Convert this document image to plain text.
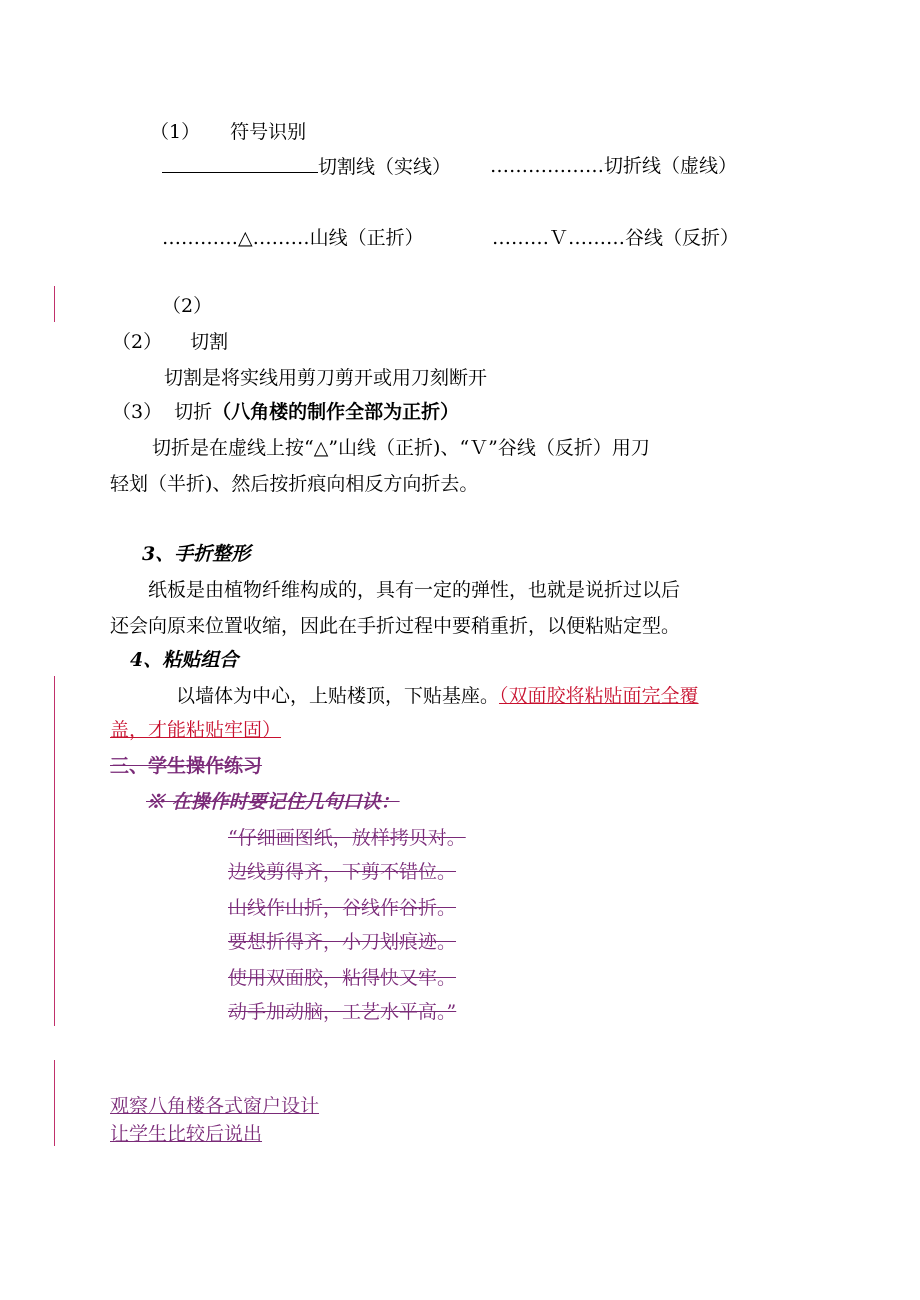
（1） 符号识别
切割线（实线） ………………切折线（虚线）
…………△………山线（正折）	………Ｖ………谷线（反折）
（2）
（2） 切割
切割是将实线用剪刀剪开或用刀刻断开
（3） 切折（八角楼的制作全部为正折）
切折是在虚线上按“△”山线（正折)、“Ｖ”谷线（反折）用刀
轻划（半折)、然后按折痕向相反方向折去。
3、手折整形
纸板是由植物纤维构成的，具有一定的弹性，也就是说折过以后
还会向原来位置收缩，因此在手折过程中要稍重折，以便粘贴定型。
4、粘贴组合
以墙体为中心，上贴楼顶，下贴基座。（双面胶将粘贴面完全覆
盖，才能粘贴牢固）
三、学生操作练习
※ 在操作时要记住几句口诀：
“仔细画图纸，放样拷贝对。
边线剪得齐，下剪不错位。
山线作山折，谷线作谷折。
要想折得齐，小刀划痕迹。
使用双面胶，粘得快又牢。
动手加动脑，工艺水平高。”
观察八角楼各式窗户设计
让学生比较后说出
